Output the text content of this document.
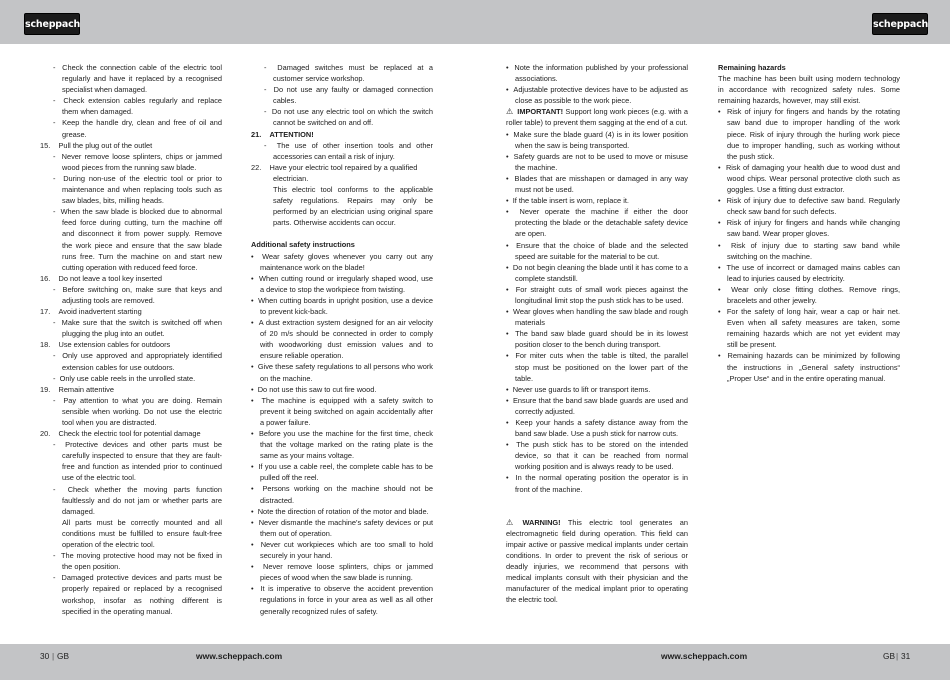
scheppach	scheppach

-  Check the connection cable of the electric tool regularly and have it replaced by a recognised specialist when damaged.

-  Check extension cables regularly and replace them when damaged.

-  Keep the handle dry, clean and free of oil and grease.

15.    Pull the plug out of the outlet

-  Never remove loose splinters, chips or jammed wood pieces from the running saw blade.

-  During non-use of the electric tool or prior to maintenance and when replacing tools such as saw blades, bits, milling heads.

-  When the saw blade is blocked due to abnormal feed force during cutting, turn the machine off and disconnect it from power supply. Remove the work piece and ensure that the saw blade runs free. Turn the machine on and start new cutting operation with reduced feed force.

16.    Do not leave a tool key inserted

-  Before switching on, make sure that keys and adjusting tools are removed.

17.    Avoid inadvertent starting

-  Make sure that the switch is switched off when plugging the plug into an outlet.

18.    Use extension cables for outdoors

-  Only use approved and appropriately identified extension cables for use outdoors.

-  Only use cable reels in the unrolled state.

19.    Remain attentive

-  Pay attention to what you are doing. Remain sensible when working. Do not use the electric tool when you are distracted.

20.    Check the electric tool for potential damage

-  Protective devices and other parts must be carefully inspected to ensure that they are fault-free and function as intended prior to continued use of the electric tool.

-  Check whether the moving parts function faultlessly and do not jam or whether parts are damaged.

All parts must be correctly mounted and all conditions must be fulfilled to ensure fault-free operation of the electric tool.

-  The moving protective hood may not be fixed in the open position.

-  Damaged protective devices and parts must be properly repaired or replaced by a recognised workshop, insofar as nothing different is specified in the operating manual.

-  Damaged switches must be replaced at a customer service workshop.

-  Do not use any faulty or damaged connection cables.

-  Do not use any electric tool on which the switch cannot be switched on and off.

21.    ATTENTION!

-  The use of other insertion tools and other accessories can entail a risk of injury.

22.    Have your electric tool repaired by a qualified electrician.

This electric tool conforms to the applicable safety regulations. Repairs may only be performed by an electrician using original spare parts. Otherwise accidents can occur.

Additional safety instructions

•  Wear safety gloves whenever you carry out any maintenance work on the blade!

•  When cutting round or irregularly shaped wood, use a device to stop the workpiece from twisting.

•  When cutting boards in upright position, use a device to prevent kick-back.

•  A dust extraction system designed for an air velocity of 20 m/s should be connected in order to comply with woodworking dust emission values and to ensure reliable operation.

•  Give these safety regulations to all persons who work on the machine.

•  Do not use this saw to cut fire wood.

•  The machine is equipped with a safety switch to prevent it being switched on again accidentally after a power failure.

•  Before you use the machine for the first time, check that the voltage marked on the rating plate is the same as your mains voltage.

•  If you use a cable reel, the complete cable has to be pulled off the reel.

•  Persons working on the machine should not be distracted.

•  Note the direction of rotation of the motor and blade.

•  Never dismantle the machine’s safety devices or put them out of operation.

•  Never cut workpieces which are too small to hold securely in your hand.

•  Never remove loose splinters, chips or jammed pieces of wood when the saw blade is running.

•  It is imperative to observe the accident prevention regulations in force in your area as well as all other generally recognized rules of safety.

•  Note the information published by your professional associations.

•  Adjustable protective devices have to be adjusted as close as possible to the work piece.

⚠ IMPORTANT! Support long work pieces (e.g. with a roller table) to prevent them sagging at the end of a cut.

•  Make sure the blade guard (4) is in its lower position when the saw is being transported.

•  Safety guards are not to be used to move or misuse the machine.

•  Blades that are misshapen or damaged in any way must not be used.

•  If the table insert is worn, replace it.

•  Never operate the machine if either the door protecting the blade or the detachable safety device are open.

•  Ensure that the choice of blade and the selected speed are suitable for the material to be cut.

•  Do not begin cleaning the blade until it has come to a complete standstill.

•  For straight cuts of small work pieces against the longitudinal limit stop the push stick has to be used.

•  Wear gloves when handling the saw blade and rough materials

•  The band saw blade guard should be in its lowest position closer to the bench during transport.

•  For miter cuts when the table is tilted, the parallel stop must be positioned on the lower part of the table.

•  Never use guards to lift or transport items.

•  Ensure that the band saw blade guards are used and correctly adjusted.

•  Keep your hands a safety distance away from the band saw blade. Use a push stick for narrow cuts.

•  The push stick has to be stored on the intended device, so that it can be reached from normal working position and is always ready to be used.

•  In the normal operating position the operator is in front of the machine.

⚠ WARNING! This electric tool generates an electromagnetic field during operation. This field can impair active or passive medical implants under certain conditions. In order to prevent the risk of serious or deadly injuries, we recommend that persons with medical implants consult with their physician and the manufacturer of the medical implant prior to operating the electric tool.

Remaining hazards

The machine has been built using modern technology in accordance with recognized safety rules. Some remaining hazards, however, may still exist.

•  Risk of injury for fingers and hands by the rotating saw band due to improper handling of the work piece. Risk of injury through the hurling work piece due to improper handling, such as working without the push stick.

•  Risk of damaging your health due to wood dust and wood chips. Wear personal protective cloth such as goggles. Use a fitting dust extractor.

•  Risk of injury due to defective saw band. Regularly check saw band for such defects.

•  Risk of injury for fingers and hands while changing saw band. Wear proper gloves.

•  Risk of injury due to starting saw band while switching on the machine.

•  The use of incorrect or damaged mains cables can lead to injuries caused by electricity.

•  Wear only close fitting clothes. Remove rings, bracelets and other jewelry.

•  For the safety of long hair, wear a cap or hair net. Even when all safety measures are taken, some remaining hazards which are not yet evident may still be present.

•  Remaining hazards can be minimized by following the instructions in „General safety instructions“ „Proper Use“ and in the entire operating manual.

30 | GB	www.scheppach.com	www.scheppach.com	GB | 31
